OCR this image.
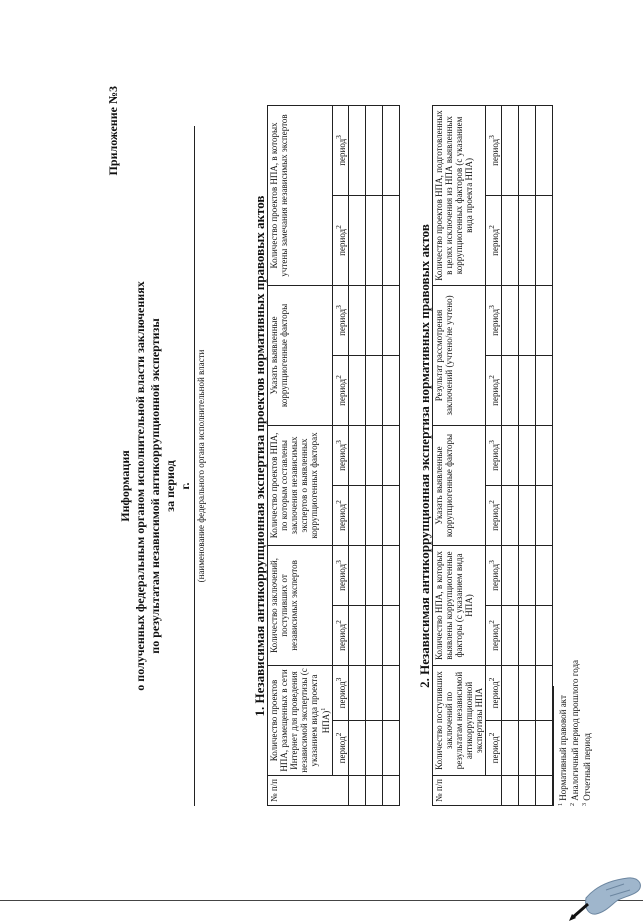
Приложение №3
Информация о полученных федеральным органом исполнительной власти заключениях по результатам независимой антикоррупционной экспертизы за период г. (наименование федерального органа исполнительной власти	1. Независимая антикоррупционная экспертиза проектов нормативных правовых актов
№ п/п	Количество проектов НПА, размещенных в сети Интернет для проведения независимой экспертизы (с указанием вида проекта НПА)$^1$		Количество заключений, поступивших от независимых экспертов		Количество проектов НПА, по которым составлены заключения независимых экспертов о выявленных коррупциогенных факторах		Указать выявленные коррупциогенные факторы		Количество проектов НПА, в которых учтены замечания независимых экспертов	
	период$^2$	период$^3$	период$^2$	период$^3$	период$^2$	период$^3$	период$^2$	период$^3$	период$^2$	период$^3$

2. Независимая антикоррупционная экспертиза нормативных правовых актов
№ п/п	Количество поступивших заключений по результатам независимой антикоррупционной экспертизы НПА		Количество НПА, в которых выявлены коррупциогенные факторы (с указанием вида НПА)		Указать выявленные коррупциогенные факторы		Результат рассмотрения заключений (учтено/не учтено)		Количество проектов НПА, подготовленных в целях исключения из НПА выявленных коррупциогенных факторов (с указанием вида проекта НПА)	
	период$^2$	период$^2$	период$^2$	период$^3$	период$^2$	период$^3$	период$^2$	период$^3$	период$^2$	период$^3$

$^1$ Нормативный правовой акт
$^2$ Аналогичный период прошлого года
$^3$ Отчетный период
